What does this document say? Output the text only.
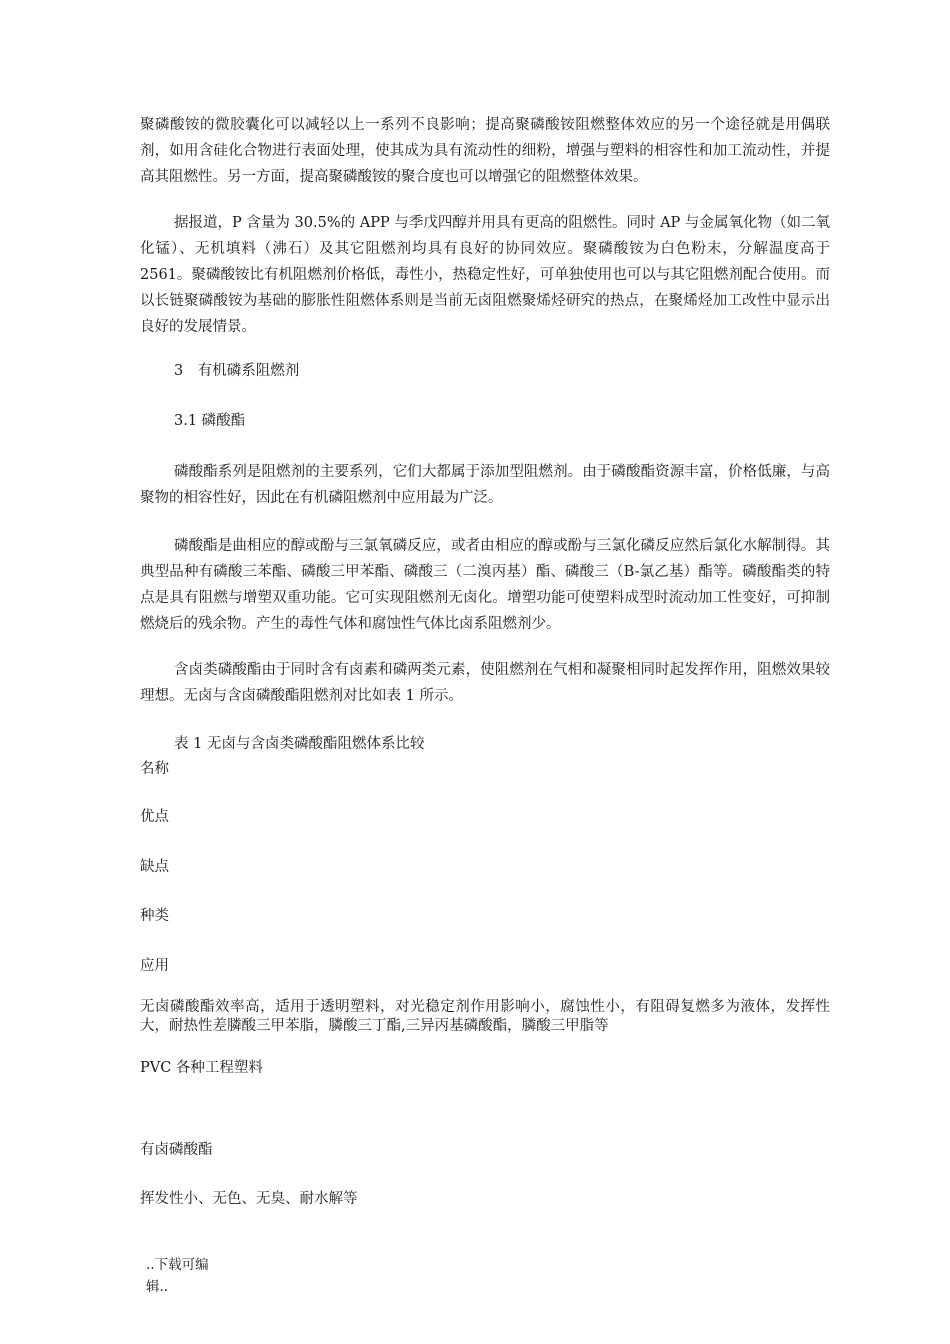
聚磷酸铵的微胶囊化可以减轻以上一系列不良影响；提高聚磷酸铵阻燃整体效应的另一个途径就是用偶联剂，如用含硅化合物进行表面处理，使其成为具有流动性的细粉，增强与塑料的相容性和加工流动性，并提高其阻燃性。另一方面，提高聚磷酸铵的聚合度也可以增强它的阻燃整体效果。

据报道，P 含量为 30.5%的 APP 与季戊四醇并用具有更高的阻燃性。同时 AP 与金属氧化物（如二氧化锰）、无机填料（沸石）及其它阻燃剂均具有良好的协同效应。聚磷酸铵为白色粉末，分解温度高于 2561。聚磷酸铵比有机阻燃剂价格低，毒性小，热稳定性好，可单独使用也可以与其它阻燃剂配合使用。而以长链聚磷酸铵为基础的膨胀性阻燃体系则是当前无卤阻燃聚烯烃研究的热点，在聚烯烃加工改性中显示出良好的发展情景。

3　有机磷系阻燃剂

3.1 磷酸酯

磷酸酯系列是阻燃剂的主要系列，它们大都属于添加型阻燃剂。由于磷酸酯资源丰富，价格低廉，与高聚物的相容性好，因此在有机磷阻燃剂中应用最为广泛。

磷酸酯是曲相应的醇或酚与三氯氧磷反应，或者由相应的醇或酚与三氯化磷反应然后氯化水解制得。其典型品种有磷酸三苯酯、磷酸三甲苯酯、磷酸三（二溴丙基）酯、磷酸三（B-氯乙基）酯等。磷酸酯类的特点是具有阻燃与增塑双重功能。它可实现阻燃剂无卤化。增塑功能可使塑料成型时流动加工性变好，可抑制燃烧后的残余物。产生的毒性气体和腐蚀性气体比卤系阻燃剂少。

含卤类磷酸酯由于同时含有卤素和磷两类元素，使阻燃剂在气相和凝聚相同时起发挥作用，阻燃效果较理想。无卤与含卤磷酸酯阻燃剂对比如表 1 所示。

表 1 无卤与含卤类磷酸酯阻燃体系比较

名称

优点

缺点

种类

应用

无卤磷酸酯效率高，适用于透明塑料，对光稳定剂作用影响小，腐蚀性小，有阻碍复燃多为液体，发挥性大，耐热性差膦酸三甲苯脂，膦酸三丁酯,三异丙基磷酸酯，膦酸三甲脂等

PVC 各种工程塑料

有卤磷酸酯

挥发性小、无色、无臭、耐水解等

..下载可编辑..
